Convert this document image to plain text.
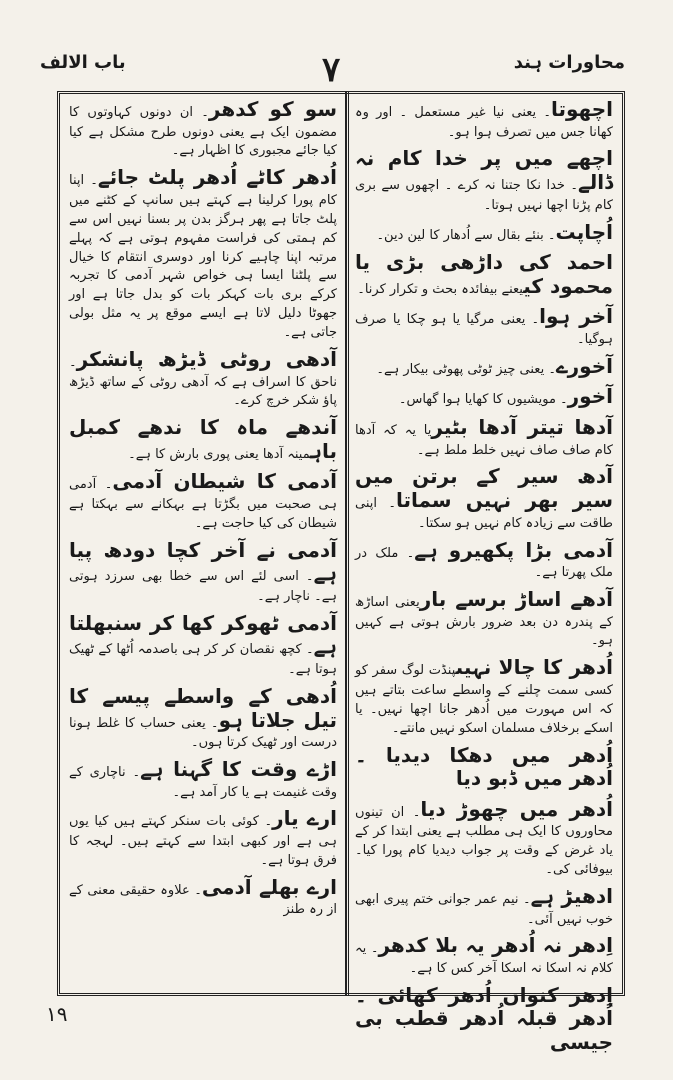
باب الالف	۷	محاورات ہند

اچھوتا۔ یعنی نیا غیر مستعمل ۔ اور وہ کھانا جس میں تصرف ہوا ہو۔

اچھے میں پر خدا کام نہ ڈالے۔ خدا نکا جتنا نہ کرے ۔ اچھوں سے بری کام پڑنا اچھا نہیں ہوتا۔

اُچاپت۔ بنئے بقال سے اُدھار کا لین دین۔

احمد کی داڑھی بڑی یا محمود کییعنے بیفائدہ بحث و تکرار کرنا۔

آخر ہوا۔ یعنی مرگیا یا ہو چکا یا صرف ہوگیا۔

آخورے۔ یعنی چیز ٹوٹی پھوٹی بیکار ہے۔

آخور۔ مویشیوں کا کھایا ہوا گھاس۔

آدھا تیتر آدھا بٹیریا یہ کہ آدھا کام صاف صاف نہیں خلط ملط ہے۔

آدھ سیر کے برتن میں سیر بھر نہیں سماتا۔ اپنی طاقت سے زیادہ کام نہیں ہو سکتا۔

آدمی بڑا پکھیرو ہے۔ ملک در ملک پھرتا ہے۔

آدھے اساڑ برسے باریعنی اساڑھ کے پندرہ دن بعد ضرور بارش ہوتی ہے کہیں ہو۔

اُدھر کا چالا نہیںپنڈت لوگ سفر کو کسی سمت چلنے کے واسطے ساعت بتاتے ہیں کہ اس مہورت میں اُدھر جانا اچھا نہیں۔ یا اسکے برخلاف مسلمان اسکو نہیں مانتے۔

اُدھر میں دھکا دیدیا ۔ اُدھر میں ڈبو دیا

اُدھر میں چھوڑ دیا۔ ان تینوں محاوروں کا ایک ہی مطلب ہے یعنی ابتدا کر کے یاد غرض کے وقت پر جواب دیدیا کام پورا کیا۔ بیوفائی کی۔

ادھیڑ ہے۔ نیم عمر جوانی ختم پیری ابھی خوب نہیں آئی۔

اِدھر نہ اُدھر یہ بلا کدھر۔ یہ کلام نہ اسکا نہ اسکا آخر کس کا ہے۔

اِدھر کنواں اُدھر کھائی ۔ اُدھر قبلہ اُدھر قطب بی جیسی

سو کو کدھر۔ ان دونوں کہاوتوں کا مضمون ایک ہے یعنی دونوں طرح مشکل ہے کیا کیا جائے مجبوری کا اظہار ہے۔

اُدھر کاٹے اُدھر پلٹ جائے۔ اپنا کام پورا کرلینا ہے کہتے ہیں سانپ کے کٹنے میں پلٹ جاتا ہے پھر ہرگز بدن پر بسنا نہیں اس سے کم ہمتی کی فراست مفہوم ہوتی ہے کہ پہلے مرتبہ اپنا چاہیے کرنا اور دوسری انتقام کا خیال سے پلٹنا ایسا ہی خواص شہر آدمی کا تجربہ کرکے بری بات کہکر بات کو بدل جاتا ہے اور جھوٹا دلیل لاتا ہے ایسے موقع پر یہ مثل بولی جاتی ہے۔

آدھی روٹی ڈیڑھ پانشکر۔ ناحق کا اسراف ہے کہ آدھی روٹی کے ساتھ ڈیڑھ پاؤ شکر خرچ کرے۔

آندھے ماہ کا ندھے کمبل باہمینہ آدھا یعنی پوری بارش کا ہے۔

آدمی کا شیطان آدمی۔ آدمی ہی صحبت میں بگڑتا ہے بہکانے سے بہکتا ہے شیطان کی کیا حاجت ہے۔

آدمی نے آخر کچا دودھ پیا ہے۔ اسی لئے اس سے خطا بھی سرزد ہوتی ہے۔ ناچار ہے۔

آدمی ٹھوکر کھا کر سنبھلتا ہے۔ کچھ نقصان کر کر ہی باصدمہ اُٹھا کے ٹھیک ہوتا ہے۔

اُدھی کے واسطے پیسے کا تیل جلاتا ہو۔ یعنی حساب کا غلط ہونا درست اور ٹھیک کرتا ہوں۔

اڑے وقت کا گہنا ہے۔ ناچاری کے وقت غنیمت ہے یا کار آمد ہے۔

ارے یار۔ کوئی بات سنکر کہتے ہیں کیا یوں ہی ہے اور کبھی ابتدا سے کہتے ہیں۔ لہجہ کا فرق ہوتا ہے۔

ارے بھلے آدمی۔ علاوہ حقیقی معنی کے از رہ طنز

۱۹
